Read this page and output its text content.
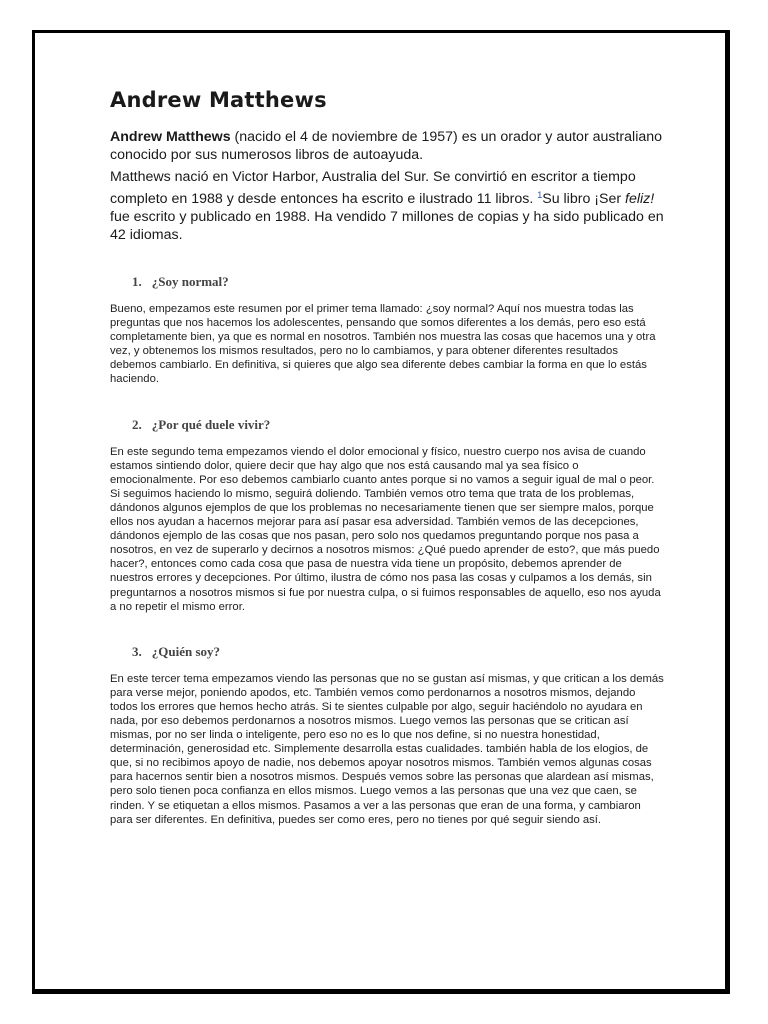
Andrew Matthews

Andrew Matthews (nacido el 4 de noviembre de 1957) es un orador y autor australiano conocido por sus numerosos libros de autoayuda.

Matthews nació en Victor Harbor, Australia del Sur. Se convirtió en escritor a tiempo completo en 1988 y desde entonces ha escrito e ilustrado 11 libros. $^1$Su libro ¡Ser feliz! fue escrito y publicado en 1988. Ha vendido 7 millones de copias y ha sido publicado en 42 idiomas.

1. ¿Soy normal?

Bueno, empezamos este resumen por el primer tema llamado: ¿soy normal? Aquí nos muestra todas las preguntas que nos hacemos los adolescentes, pensando que somos diferentes a los demás, pero eso está completamente bien, ya que es normal en nosotros. También nos muestra las cosas que hacemos una y otra vez, y obtenemos los mismos resultados, pero no lo cambiamos, y para obtener diferentes resultados debemos cambiarlo. En definitiva, si quieres que algo sea diferente debes cambiar la forma en que lo estás haciendo.

2. ¿Por qué duele vivir?

En este segundo tema empezamos viendo el dolor emocional y físico, nuestro cuerpo nos avisa de cuando estamos sintiendo dolor, quiere decir que hay algo que nos está causando mal ya sea físico o emocionalmente. Por eso debemos cambiarlo cuanto antes porque si no vamos a seguir igual de mal o peor. Si seguimos haciendo lo mismo, seguirá doliendo. También vemos otro tema que trata de los problemas, dándonos algunos ejemplos de que los problemas no necesariamente tienen que ser siempre malos, porque ellos nos ayudan a hacernos mejorar para así pasar esa adversidad. También vemos de las decepciones, dándonos ejemplo de las cosas que nos pasan, pero solo nos quedamos preguntando porque nos pasa a nosotros, en vez de superarlo y decirnos a nosotros mismos: ¿Qué puedo aprender de esto?, que más puedo hacer?, entonces como cada cosa que pasa de nuestra vida tiene un propósito, debemos aprender de nuestros errores y decepciones. Por último, ilustra de cómo nos pasa las cosas y culpamos a los demás, sin preguntarnos a nosotros mismos si fue por nuestra culpa, o si fuimos responsables de aquello, eso nos ayuda a no repetir el mismo error.

3. ¿Quién soy?

En este tercer tema empezamos viendo las personas que no se gustan así mismas, y que critican a los demás para verse mejor, poniendo apodos, etc. También vemos como perdonarnos a nosotros mismos, dejando todos los errores que hemos hecho atrás. Si te sientes culpable por algo, seguir haciéndolo no ayudara en nada, por eso debemos perdonarnos a nosotros mismos. Luego vemos las personas que se critican así mismas, por no ser linda o inteligente, pero eso no es lo que nos define, si no nuestra honestidad, determinación, generosidad etc. Simplemente desarrolla estas cualidades. también habla de los elogios, de que, si no recibimos apoyo de nadie, nos debemos apoyar nosotros mismos. También vemos algunas cosas para hacernos sentir bien a nosotros mismos. Después vemos sobre las personas que alardean así mismas, pero solo tienen poca confianza en ellos mismos. Luego vemos a las personas que una vez que caen, se rinden. Y se etiquetan a ellos mismos. Pasamos a ver a las personas que eran de una forma, y cambiaron para ser diferentes. En definitiva, puedes ser como eres, pero no tienes por qué seguir siendo así.
